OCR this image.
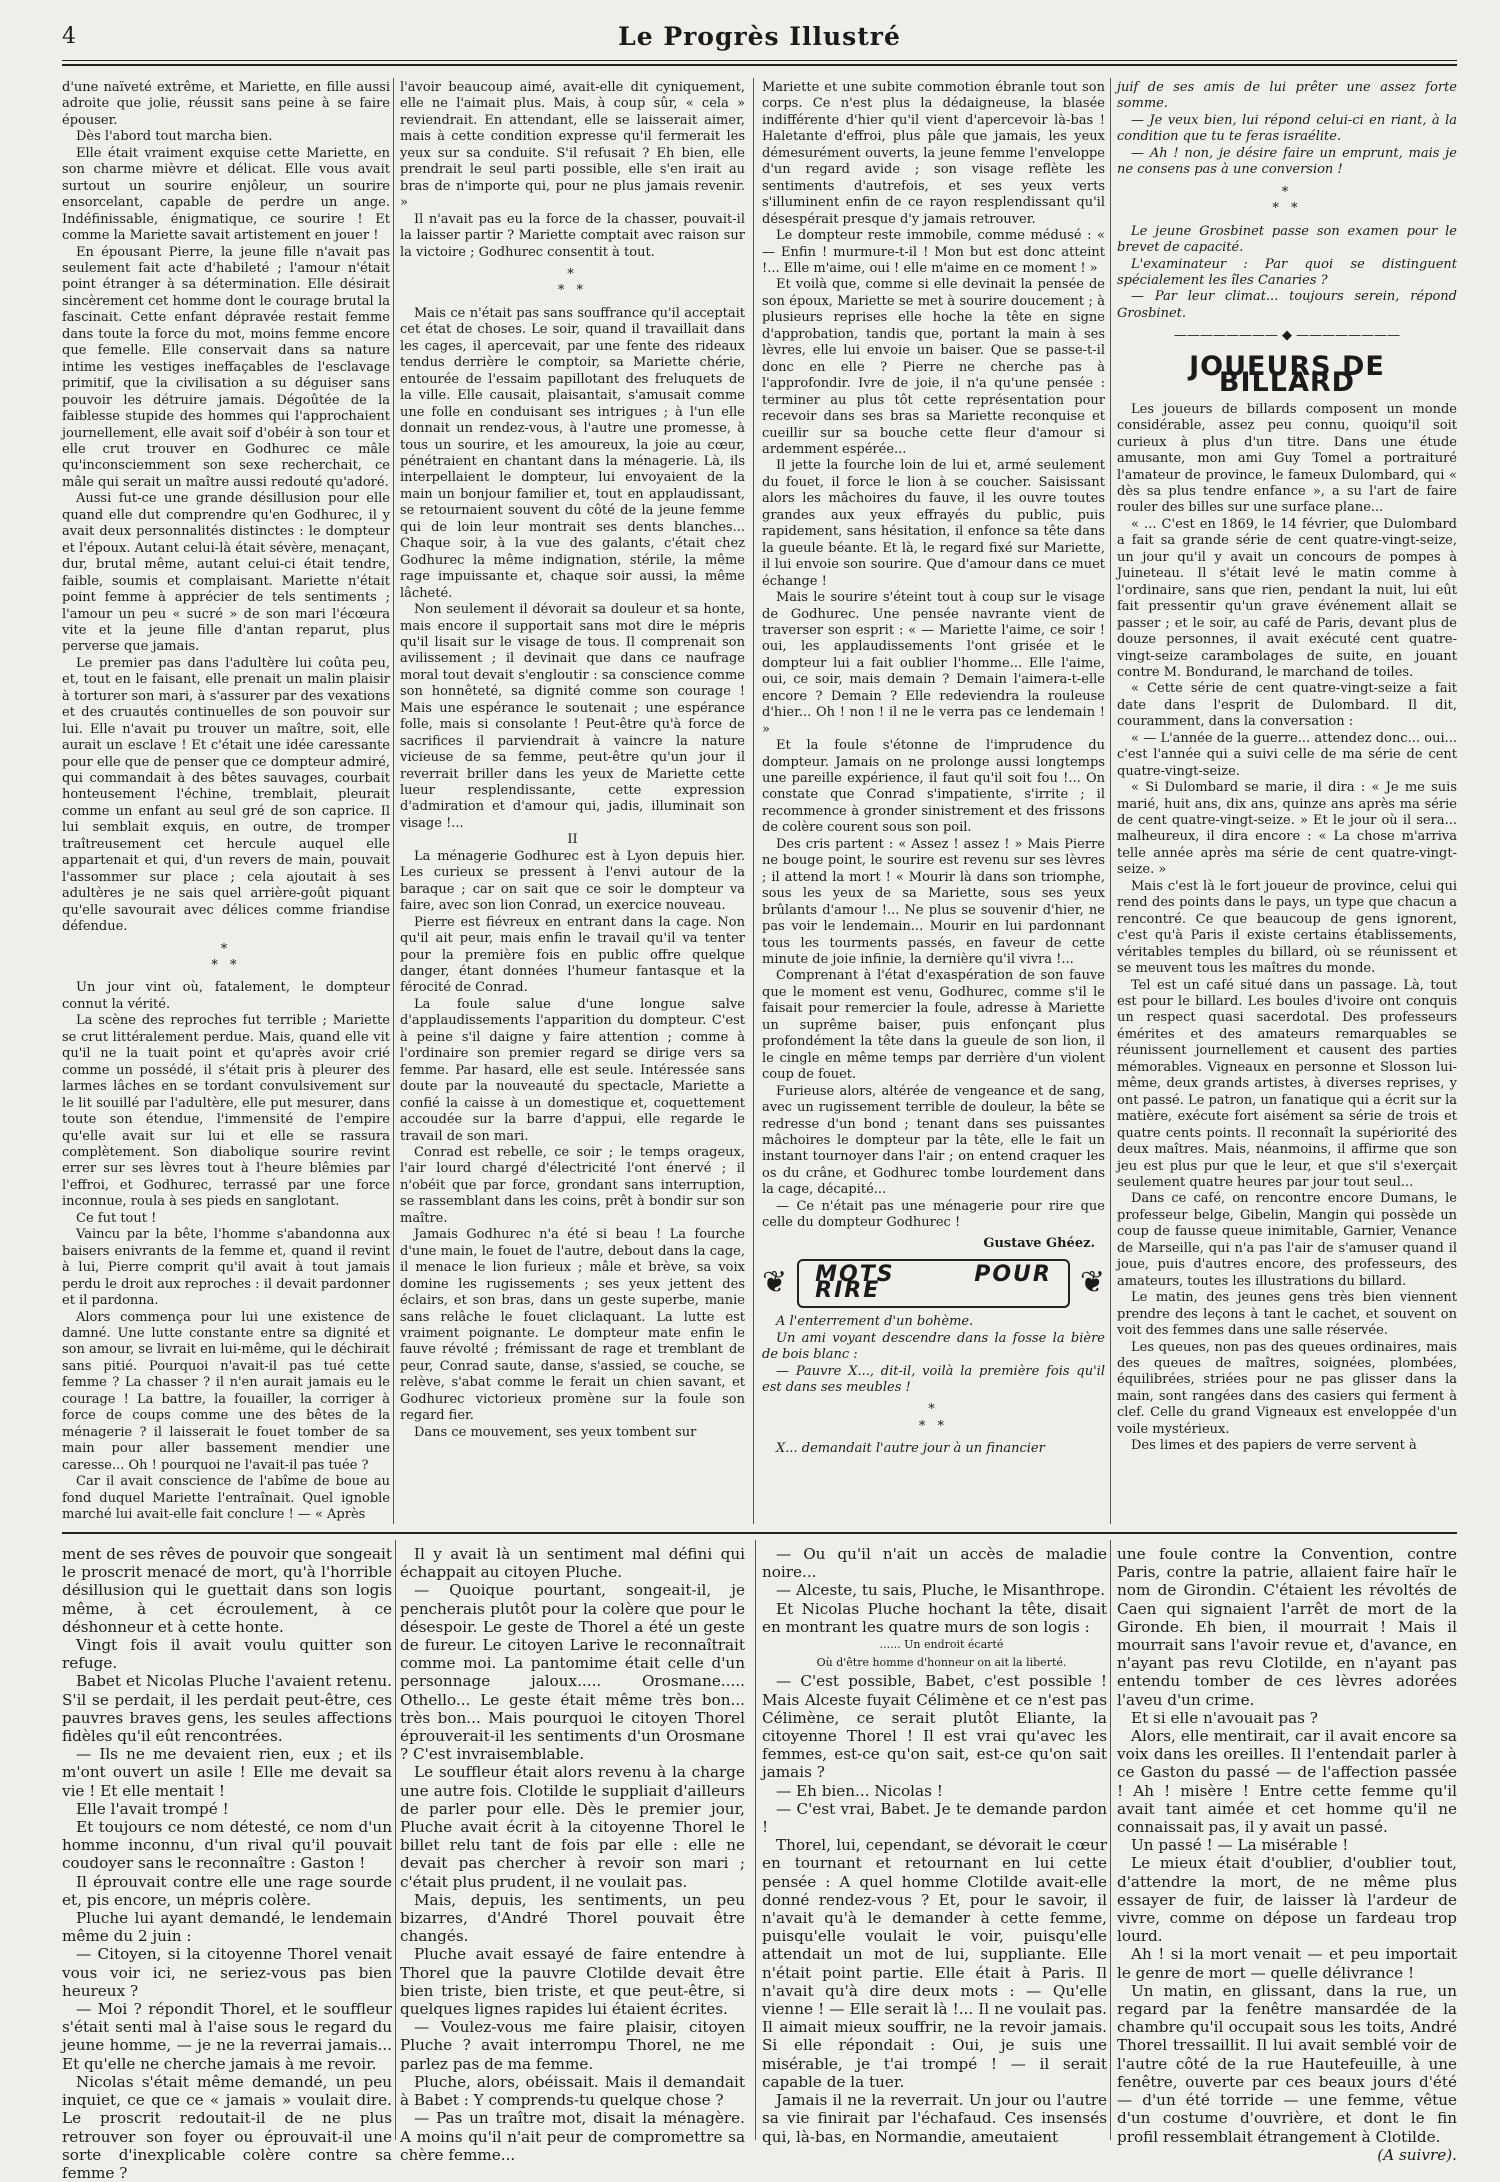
4	Le Progrès Illustré

d'une naïveté extrême, et Mariette, en fille aussi adroite que jolie, réussit sans peine à se faire épouser.

Dès l'abord tout marcha bien.

Elle était vraiment exquise cette Mariette, en son charme mièvre et délicat. Elle vous avait surtout un sourire enjôleur, un sourire ensorcelant, capable de perdre un ange. Indéfinissable, énigmatique, ce sourire ! Et comme la Mariette savait artistement en jouer !

En épousant Pierre, la jeune fille n'avait pas seulement fait acte d'habileté ; l'amour n'était point étranger à sa détermination. Elle désirait sincèrement cet homme dont le courage brutal la fascinait. Cette enfant dépravée restait femme dans toute la force du mot, moins femme encore que femelle. Elle conservait dans sa nature intime les vestiges ineffaçables de l'esclavage primitif, que la civilisation a su déguiser sans pouvoir les détruire jamais. Dégoûtée de la faiblesse stupide des hommes qui l'approchaient journellement, elle avait soif d'obéir à son tour et elle crut trouver en Godhurec ce mâle qu'inconsciemment son sexe recherchait, ce mâle qui serait un maître aussi redouté qu'adoré.

Aussi fut-ce une grande désillusion pour elle quand elle dut comprendre qu'en Godhurec, il y avait deux personnalités distinctes : le dompteur et l'époux. Autant celui-là était sévère, menaçant, dur, brutal même, autant celui-ci était tendre, faible, soumis et complaisant. Mariette n'était point femme à apprécier de tels sentiments ; l'amour un peu « sucré » de son mari l'écœura vite et la jeune fille d'antan reparut, plus perverse que jamais.

Le premier pas dans l'adultère lui coûta peu, et, tout en le faisant, elle prenait un malin plaisir à torturer son mari, à s'assurer par des vexations et des cruautés continuelles de son pouvoir sur lui. Elle n'avait pu trouver un maître, soit, elle aurait un esclave ! Et c'était une idée caressante pour elle que de penser que ce dompteur admiré, qui commandait à des bêtes sauvages, courbait honteusement l'échine, tremblait, pleurait comme un enfant au seul gré de son caprice. Il lui semblait exquis, en outre, de tromper traîtreusement cet hercule auquel elle appartenait et qui, d'un revers de main, pouvait l'assommer sur place ; cela ajoutait à ses adultères je ne sais quel arrière-goût piquant qu'elle savourait avec délices comme friandise défendue.

*
* *

Un jour vint où, fatalement, le dompteur connut la vérité.

La scène des reproches fut terrible ; Mariette se crut littéralement perdue. Mais, quand elle vit qu'il ne la tuait point et qu'après avoir crié comme un possédé, il s'était pris à pleurer des larmes lâches en se tordant convulsivement sur le lit souillé par l'adultère, elle put mesurer, dans toute son étendue, l'immensité de l'empire qu'elle avait sur lui et elle se rassura complètement. Son diabolique sourire revint errer sur ses lèvres tout à l'heure blêmies par l'effroi, et Godhurec, terrassé par une force inconnue, roula à ses pieds en sanglotant.

Ce fut tout !

Vaincu par la bête, l'homme s'abandonna aux baisers enivrants de la femme et, quand il revint à lui, Pierre comprit qu'il avait à tout jamais perdu le droit aux reproches : il devait pardonner et il pardonna.

Alors commença pour lui une existence de damné. Une lutte constante entre sa dignité et son amour, se livrait en lui-même, qui le déchirait sans pitié. Pourquoi n'avait-il pas tué cette femme ? La chasser ? il n'en aurait jamais eu le courage ! La battre, la fouailler, la corriger à force de coups comme une des bêtes de la ménagerie ? il laisserait le fouet tomber de sa main pour aller bassement mendier une caresse... Oh ! pourquoi ne l'avait-il pas tuée ?

Car il avait conscience de l'abîme de boue au fond duquel Mariette l'entraînait. Quel ignoble marché lui avait-elle fait conclure ! — « Après

l'avoir beaucoup aimé, avait-elle dit cyniquement, elle ne l'aimait plus. Mais, à coup sûr, « cela » reviendrait. En attendant, elle se laisserait aimer, mais à cette condition expresse qu'il fermerait les yeux sur sa conduite. S'il refusait ? Eh bien, elle prendrait le seul parti possible, elle s'en irait au bras de n'importe qui, pour ne plus jamais revenir. »

Il n'avait pas eu la force de la chasser, pouvait-il la laisser partir ? Mariette comptait avec raison sur la victoire ; Godhurec consentit à tout.

*
* *

Mais ce n'était pas sans souffrance qu'il acceptait cet état de choses. Le soir, quand il travaillait dans les cages, il apercevait, par une fente des rideaux tendus derrière le comptoir, sa Mariette chérie, entourée de l'essaim papillotant des freluquets de la ville. Elle causait, plaisantait, s'amusait comme une folle en conduisant ses intrigues ; à l'un elle donnait un rendez-vous, à l'autre une promesse, à tous un sourire, et les amoureux, la joie au cœur, pénétraient en chantant dans la ménagerie. Là, ils interpellaient le dompteur, lui envoyaient de la main un bonjour familier et, tout en applaudissant, se retournaient souvent du côté de la jeune femme qui de loin leur montrait ses dents blanches... Chaque soir, à la vue des galants, c'était chez Godhurec la même indignation, stérile, la même rage impuissante et, chaque soir aussi, la même lâcheté.

Non seulement il dévorait sa douleur et sa honte, mais encore il supportait sans mot dire le mépris qu'il lisait sur le visage de tous. Il comprenait son avilissement ; il devinait que dans ce naufrage moral tout devait s'engloutir : sa conscience comme son honnêteté, sa dignité comme son courage ! Mais une espérance le soutenait ; une espérance folle, mais si consolante ! Peut-être qu'à force de sacrifices il parviendrait à vaincre la nature vicieuse de sa femme, peut-être qu'un jour il reverrait briller dans les yeux de Mariette cette lueur resplendissante, cette expression d'admiration et d'amour qui, jadis, illuminait son visage !...

II

La ménagerie Godhurec est à Lyon depuis hier. Les curieux se pressent à l'envi autour de la baraque ; car on sait que ce soir le dompteur va faire, avec son lion Conrad, un exercice nouveau.

Pierre est fiévreux en entrant dans la cage. Non qu'il ait peur, mais enfin le travail qu'il va tenter pour la première fois en public offre quelque danger, étant données l'humeur fantasque et la férocité de Conrad.

La foule salue d'une longue salve d'applaudissements l'apparition du dompteur. C'est à peine s'il daigne y faire attention ; comme à l'ordinaire son premier regard se dirige vers sa femme. Par hasard, elle est seule. Intéressée sans doute par la nouveauté du spectacle, Mariette a confié la caisse à un domestique et, coquettement accoudée sur la barre d'appui, elle regarde le travail de son mari.

Conrad est rebelle, ce soir ; le temps orageux, l'air lourd chargé d'électricité l'ont énervé ; il n'obéit que par force, grondant sans interruption, se rassemblant dans les coins, prêt à bondir sur son maître.

Jamais Godhurec n'a été si beau ! La fourche d'une main, le fouet de l'autre, debout dans la cage, il menace le lion furieux ; mâle et brève, sa voix domine les rugissements ; ses yeux jettent des éclairs, et son bras, dans un geste superbe, manie sans relâche le fouet cliclaquant. La lutte est vraiment poignante. Le dompteur mate enfin le fauve révolté ; frémissant de rage et tremblant de peur, Conrad saute, danse, s'assied, se couche, se relève, s'abat comme le ferait un chien savant, et Godhurec victorieux promène sur la foule son regard fier.

Dans ce mouvement, ses yeux tombent sur

Mariette et une subite commotion ébranle tout son corps. Ce n'est plus la dédaigneuse, la blasée indifférente d'hier qu'il vient d'apercevoir là-bas ! Haletante d'effroi, plus pâle que jamais, les yeux démesurément ouverts, la jeune femme l'enveloppe d'un regard avide ; son visage reflète les sentiments d'autrefois, et ses yeux verts s'illuminent enfin de ce rayon resplendissant qu'il désespérait presque d'y jamais retrouver.

Le dompteur reste immobile, comme médusé : « — Enfin ! murmure-t-il ! Mon but est donc atteint !... Elle m'aime, oui ! elle m'aime en ce moment ! »

Et voilà que, comme si elle devinait la pensée de son époux, Mariette se met à sourire doucement ; à plusieurs reprises elle hoche la tête en signe d'approbation, tandis que, portant la main à ses lèvres, elle lui envoie un baiser. Que se passe-t-il donc en elle ? Pierre ne cherche pas à l'approfondir. Ivre de joie, il n'a qu'une pensée : terminer au plus tôt cette représentation pour recevoir dans ses bras sa Mariette reconquise et cueillir sur sa bouche cette fleur d'amour si ardemment espérée...

Il jette la fourche loin de lui et, armé seulement du fouet, il force le lion à se coucher. Saisissant alors les mâchoires du fauve, il les ouvre toutes grandes aux yeux effrayés du public, puis rapidement, sans hésitation, il enfonce sa tête dans la gueule béante. Et là, le regard fixé sur Mariette, il lui envoie son sourire. Que d'amour dans ce muet échange !

Mais le sourire s'éteint tout à coup sur le visage de Godhurec. Une pensée navrante vient de traverser son esprit : « — Mariette l'aime, ce soir ! oui, les applaudissements l'ont grisée et le dompteur lui a fait oublier l'homme... Elle l'aime, oui, ce soir, mais demain ? Demain l'aimera-t-elle encore ? Demain ? Elle redeviendra la rouleuse d'hier... Oh ! non ! il ne le verra pas ce lendemain ! »

Et la foule s'étonne de l'imprudence du dompteur. Jamais on ne prolonge aussi longtemps une pareille expérience, il faut qu'il soit fou !... On constate que Conrad s'impatiente, s'irrite ; il recommence à gronder sinistrement et des frissons de colère courent sous son poil.

Des cris partent : « Assez ! assez ! » Mais Pierre ne bouge point, le sourire est revenu sur ses lèvres ; il attend la mort ! « Mourir là dans son triomphe, sous les yeux de sa Mariette, sous ses yeux brûlants d'amour !... Ne plus se souvenir d'hier, ne pas voir le lendemain... Mourir en lui pardonnant tous les tourments passés, en faveur de cette minute de joie infinie, la dernière qu'il vivra !...

Comprenant à l'état d'exaspération de son fauve que le moment est venu, Godhurec, comme s'il le faisait pour remercier la foule, adresse à Mariette un suprême baiser, puis enfonçant plus profondément la tête dans la gueule de son lion, il le cingle en même temps par derrière d'un violent coup de fouet.

Furieuse alors, altérée de vengeance et de sang, avec un rugissement terrible de douleur, la bête se redresse d'un bond ; tenant dans ses puissantes mâchoires le dompteur par la tête, elle le fait un instant tournoyer dans l'air ; on entend craquer les os du crâne, et Godhurec tombe lourdement dans la cage, décapité...

— Ce n'était pas une ménagerie pour rire que celle du dompteur Godhurec !

Gustave Ghéez.
❦	MOTS POUR RIRE	❦

A l'enterrement d'un bohème.

Un ami voyant descendre dans la fosse la bière de bois blanc :

— Pauvre X..., dit-il, voilà la première fois qu'il est dans ses meubles !

*
* *

X... demandait l'autre jour à un financier

juif de ses amis de lui prêter une assez forte somme.

— Je veux bien, lui répond celui-ci en riant, à la condition que tu te feras israélite.

— Ah ! non, je désire faire un emprunt, mais je ne consens pas à une conversion !

*
* *

Le jeune Grosbinet passe son examen pour le brevet de capacité.

L'examinateur : Par quoi se distinguent spécialement les îles Canaries ?

— Par leur climat... toujours serein, répond Grosbinet.

———————— ◆ ————————
JOUEURS DE BILLARD

Les joueurs de billards composent un monde considérable, assez peu connu, quoiqu'il soit curieux à plus d'un titre. Dans une étude amusante, mon ami Guy Tomel a portraituré l'amateur de province, le fameux Dulombard, qui « dès sa plus tendre enfance », a su l'art de faire rouler des billes sur une surface plane...

« ... C'est en 1869, le 14 février, que Dulombard a fait sa grande série de cent quatre-vingt-seize, un jour qu'il y avait un concours de pompes à Juineteau. Il s'était levé le matin comme à l'ordinaire, sans que rien, pendant la nuit, lui eût fait pressentir qu'un grave événement allait se passer ; et le soir, au café de Paris, devant plus de douze personnes, il avait exécuté cent quatre-vingt-seize carambolages de suite, en jouant contre M. Bondurand, le marchand de toiles.

« Cette série de cent quatre-vingt-seize a fait date dans l'esprit de Dulombard. Il dit, couramment, dans la conversation :

« — L'année de la guerre... attendez donc... oui... c'est l'année qui a suivi celle de ma série de cent quatre-vingt-seize.

« Si Dulombard se marie, il dira : « Je me suis marié, huit ans, dix ans, quinze ans après ma série de cent quatre-vingt-seize. » Et le jour où il sera... malheureux, il dira encore : « La chose m'arriva telle année après ma série de cent quatre-vingt-seize. »

Mais c'est là le fort joueur de province, celui qui rend des points dans le pays, un type que chacun a rencontré. Ce que beaucoup de gens ignorent, c'est qu'à Paris il existe certains établissements, véritables temples du billard, où se réunissent et se meuvent tous les maîtres du monde.

Tel est un café situé dans un passage. Là, tout est pour le billard. Les boules d'ivoire ont conquis un respect quasi sacerdotal. Des professeurs émérites et des amateurs remarquables se réunissent journellement et causent des parties mémorables. Vigneaux en personne et Slosson lui-même, deux grands artistes, à diverses reprises, y ont passé. Le patron, un fanatique qui a écrit sur la matière, exécute fort aisément sa série de trois et quatre cents points. Il reconnaît la supériorité des deux maîtres. Mais, néanmoins, il affirme que son jeu est plus pur que le leur, et que s'il s'exerçait seulement quatre heures par jour tout seul...

Dans ce café, on rencontre encore Dumans, le professeur belge, Gibelin, Mangin qui possède un coup de fausse queue inimitable, Garnier, Venance de Marseille, qui n'a pas l'air de s'amuser quand il joue, puis d'autres encore, des professeurs, des amateurs, toutes les illustrations du billard.

Le matin, des jeunes gens très bien viennent prendre des leçons à tant le cachet, et souvent on voit des femmes dans une salle réservée.

Les queues, non pas des queues ordinaires, mais des queues de maîtres, soignées, plombées, équilibrées, striées pour ne pas glisser dans la main, sont rangées dans des casiers qui ferment à clef. Celle du grand Vigneaux est enveloppée d'un voile mystérieux.

Des limes et des papiers de verre servent à

ment de ses rêves de pouvoir que songeait le proscrit menacé de mort, qu'à l'horrible désillusion qui le guettait dans son logis même, à cet écroulement, à ce déshonneur et à cette honte.

Vingt fois il avait voulu quitter son refuge.

Babet et Nicolas Pluche l'avaient retenu. S'il se perdait, il les perdait peut-être, ces pauvres braves gens, les seules affections fidèles qu'il eût rencontrées.

— Ils ne me devaient rien, eux ; et ils m'ont ouvert un asile ! Elle me devait sa vie ! Et elle mentait !

Elle l'avait trompé !

Et toujours ce nom détesté, ce nom d'un homme inconnu, d'un rival qu'il pouvait coudoyer sans le reconnaître : Gaston !

Il éprouvait contre elle une rage sourde et, pis encore, un mépris colère.

Pluche lui ayant demandé, le lendemain même du 2 juin :

— Citoyen, si la citoyenne Thorel venait vous voir ici, ne seriez-vous pas bien heureux ?

— Moi ? répondit Thorel, et le souffleur s'était senti mal à l'aise sous le regard du jeune homme, — je ne la reverrai jamais... Et qu'elle ne cherche jamais à me revoir.

Nicolas s'était même demandé, un peu inquiet, ce que ce « jamais » voulait dire. Le proscrit redoutait-il de ne plus retrouver son foyer ou éprouvait-il une sorte d'inexplicable colère contre sa femme ?

Il y avait là un sentiment mal défini qui échappait au citoyen Pluche.

— Quoique pourtant, songeait-il, je pencherais plutôt pour la colère que pour le désespoir. Le geste de Thorel a été un geste de fureur. Le citoyen Larive le reconnaîtrait comme moi. La pantomime était celle d'un personnage jaloux..... Orosmane..... Othello... Le geste était même très bon... très bon... Mais pourquoi le citoyen Thorel éprouverait-il les sentiments d'un Orosmane ? C'est invraisemblable.

Le souffleur était alors revenu à la charge une autre fois. Clotilde le suppliait d'ailleurs de parler pour elle. Dès le premier jour, Pluche avait écrit à la citoyenne Thorel le billet relu tant de fois par elle : elle ne devait pas chercher à revoir son mari ; c'était plus prudent, il ne voulait pas.

Mais, depuis, les sentiments, un peu bizarres, d'André Thorel pouvait être changés.

Pluche avait essayé de faire entendre à Thorel que la pauvre Clotilde devait être bien triste, bien triste, et que peut-être, si quelques lignes rapides lui étaient écrites.

— Voulez-vous me faire plaisir, citoyen Pluche ? avait interrompu Thorel, ne me parlez pas de ma femme.

Pluche, alors, obéissait. Mais il demandait à Babet : Y comprends-tu quelque chose ?

— Pas un traître mot, disait la ménagère. A moins qu'il n'ait peur de compromettre sa chère femme...

— Ou qu'il n'ait un accès de maladie noire...

— Alceste, tu sais, Pluche, le Misanthrope.

Et Nicolas Pluche hochant la tête, disait en montrant les quatre murs de son logis :

...... Un endroit écarté

Où d'être homme d'honneur on ait la liberté.

— C'est possible, Babet, c'est possible ! Mais Alceste fuyait Célimène et ce n'est pas Célimène, ce serait plutôt Eliante, la citoyenne Thorel ! Il est vrai qu'avec les femmes, est-ce qu'on sait, est-ce qu'on sait jamais ?

— Eh bien... Nicolas !

— C'est vrai, Babet. Je te demande pardon !

Thorel, lui, cependant, se dévorait le cœur en tournant et retournant en lui cette pensée : A quel homme Clotilde avait-elle donné rendez-vous ? Et, pour le savoir, il n'avait qu'à le demander à cette femme, puisqu'elle voulait le voir, puisqu'elle attendait un mot de lui, suppliante. Elle n'était point partie. Elle était à Paris. Il n'avait qu'à dire deux mots : — Qu'elle vienne ! — Elle serait là !... Il ne voulait pas. Il aimait mieux souffrir, ne la revoir jamais. Si elle répondait : Oui, je suis une misérable, je t'ai trompé ! — il serait capable de la tuer.

Jamais il ne la reverrait. Un jour ou l'autre sa vie finirait par l'échafaud. Ces insensés qui, là-bas, en Normandie, ameutaient

une foule contre la Convention, contre Paris, contre la patrie, allaient faire haïr le nom de Girondin. C'étaient les révoltés de Caen qui signaient l'arrêt de mort de la Gironde. Eh bien, il mourrait ! Mais il mourrait sans l'avoir revue et, d'avance, en n'ayant pas revu Clotilde, en n'ayant pas entendu tomber de ces lèvres adorées l'aveu d'un crime.

Et si elle n'avouait pas ?

Alors, elle mentirait, car il avait encore sa voix dans les oreilles. Il l'entendait parler à ce Gaston du passé — de l'affection passée ! Ah ! misère ! Entre cette femme qu'il avait tant aimée et cet homme qu'il ne connaissait pas, il y avait un passé.

Un passé ! — La misérable !

Le mieux était d'oublier, d'oublier tout, d'attendre la mort, de ne même plus essayer de fuir, de laisser là l'ardeur de vivre, comme on dépose un fardeau trop lourd.

Ah ! si la mort venait — et peu importait le genre de mort — quelle délivrance !

Un matin, en glissant, dans la rue, un regard par la fenêtre mansardée de la chambre qu'il occupait sous les toits, André Thorel tressaillit. Il lui avait semblé voir de l'autre côté de la rue Hautefeuille, à une fenêtre, ouverte par ces beaux jours d'été — d'un été torride — une femme, vêtue d'un costume d'ouvrière, et dont le fin profil ressemblait étrangement à Clotilde.

(A suivre).
